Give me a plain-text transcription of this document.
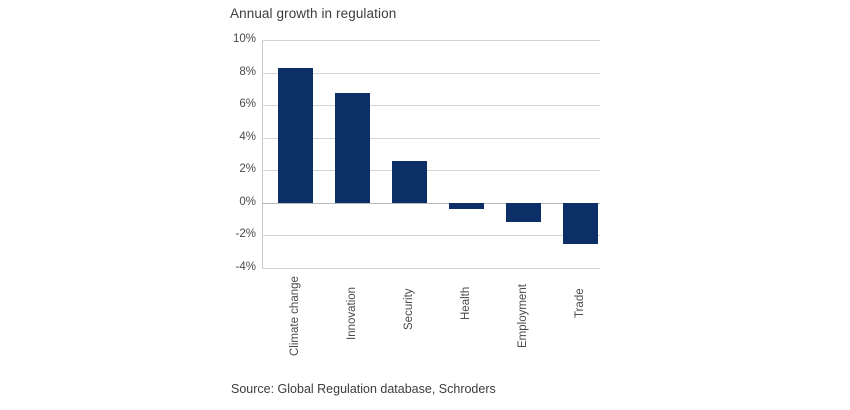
Annual growth in regulation
10%
8%
6%
4%
2%
0%
-2%
-4%
Climate change	Innovation	Security	Health	Employment	Trade
Source: Global Regulation database, Schroders
